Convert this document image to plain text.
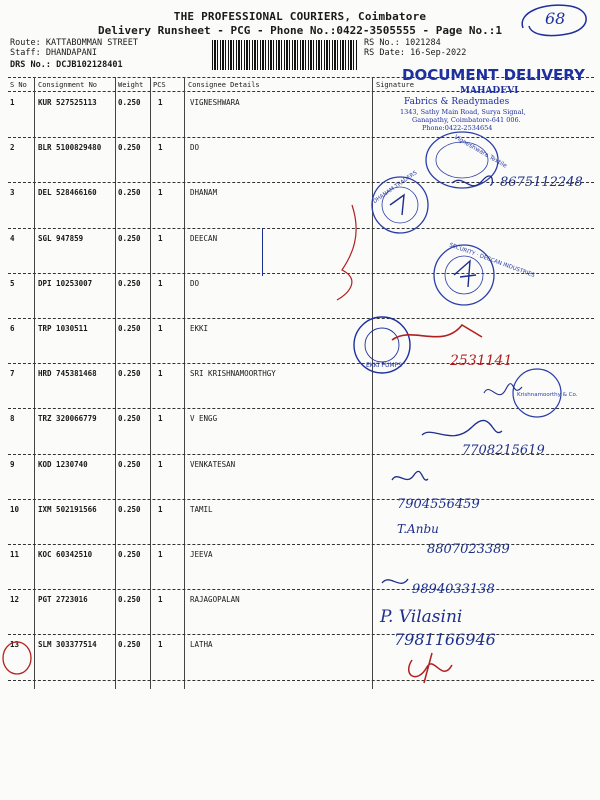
THE PROFESSIONAL COURIERS, Coimbatore
Delivery Runsheet - PCG - Phone No.:0422-3505555 - Page No.:1
Route: KATTABOMMAN STREET
Staff: DHANDAPANI
DRS No.: DCJB102128401
RS No.: 1021284
RS Date: 16-Sep-2022
68
S No Consignment No	Weight PCS	Consignee Details	Signature
1	KUR 527525113	0.250 1	VIGNESHWARA
2	BLR 5100829480 0.250 1	DO
3	DEL 528466160	0.250 1	DHANAM
4	SGL 947859	0.250 1	DEECAN
5	DPI 10253007	0.250 1	DO
6	TRP 1030511	0.250 1	EKKI
7	HRD 745381468	0.250 1	SRI KRISHNAMOORTHGY
8	TRZ 320066779	0.250 1	V ENGG
9	KOD 1230740	0.250 1	VENKATESAN
10	IXM 502191566	0.250 1	TAMIL
11	KOC 60342510	0.250 1	JEEVA
12	PGT 2723016	0.250 1	RAJAGOPALAN
13	SLM 303377514	0.250 1	LATHA
DOCUMENT DELIVERY
MAHADEVI
Fabrics & Readymades
1343, Sathy Main Road, Surya Signal,
Ganapathy, Coimbatore-641 006.
Phone:0422-2534654
Vigneshwara Textile
8675112248
DHANAM TRADERS
SECURITY · DECCAN INDUSTRIES
EKKI PUMPS	2531141
Krishnamoorthy & Co.
7708215619
7904556459
T.Anbu
8807023389
9894033138
P. Vilasini
7981166946
